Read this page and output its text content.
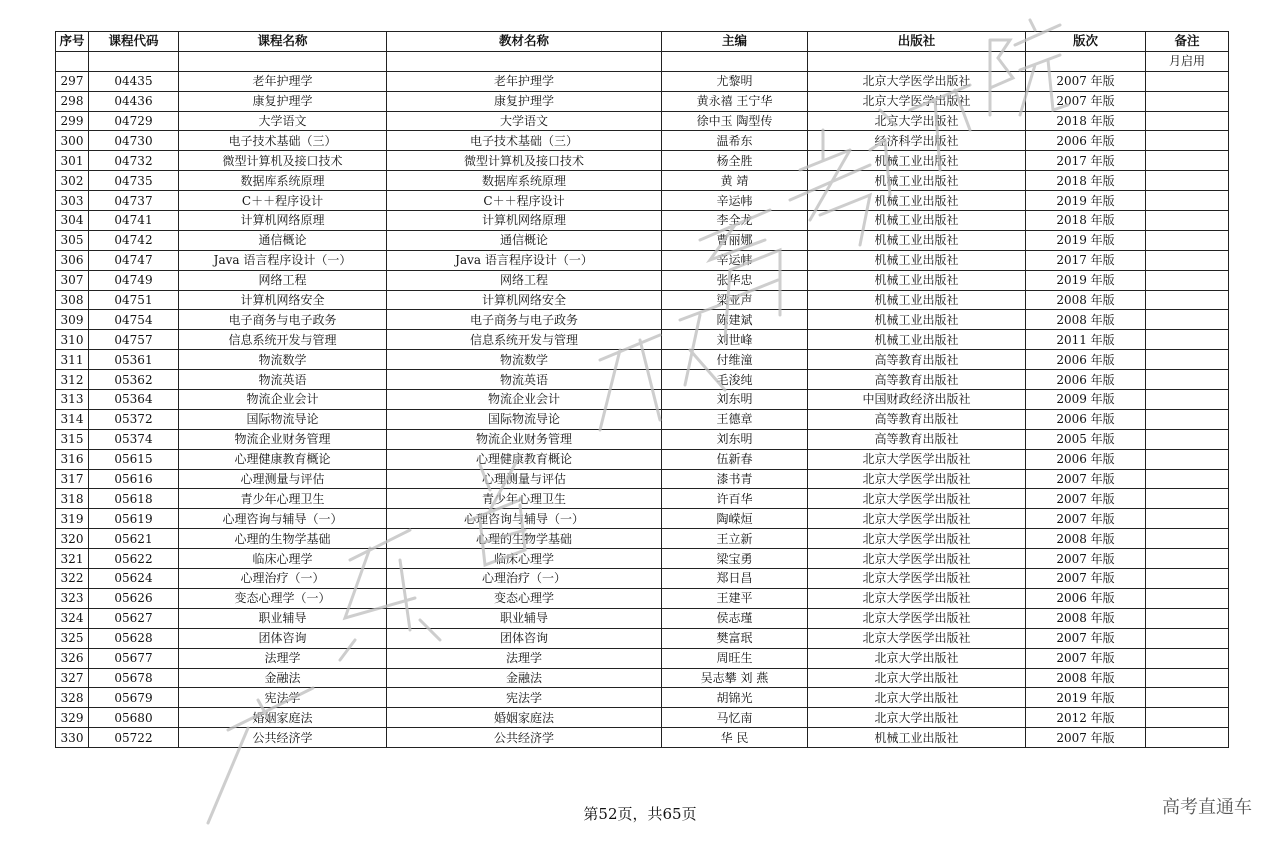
序号	课程代码	课程名称	教材名称	主编	出版社	版次	备注
							月启用
297	04435	老年护理学	老年护理学	尤黎明	北京大学医学出版社	2007 年版	
298	04436	康复护理学	康复护理学	黄永禧 王宁华	北京大学医学出版社	2007 年版	
299	04729	大学语文	大学语文	徐中玉 陶型传	北京大学出版社	2018 年版	
300	04730	电子技术基础（三）	电子技术基础（三）	温希东	经济科学出版社	2006 年版	
301	04732	微型计算机及接口技术	微型计算机及接口技术	杨全胜	机械工业出版社	2017 年版	
302	04735	数据库系统原理	数据库系统原理	黄 靖	机械工业出版社	2018 年版	
303	04737	C＋＋程序设计	C＋＋程序设计	辛运帏	机械工业出版社	2019 年版	
304	04741	计算机网络原理	计算机网络原理	李全龙	机械工业出版社	2018 年版	
305	04742	通信概论	通信概论	曹丽娜	机械工业出版社	2019 年版	
306	04747	Java 语言程序设计（一）	Java 语言程序设计（一）	辛运帏	机械工业出版社	2017 年版	
307	04749	网络工程	网络工程	张华忠	机械工业出版社	2019 年版	
308	04751	计算机网络安全	计算机网络安全	梁亚声	机械工业出版社	2008 年版	
309	04754	电子商务与电子政务	电子商务与电子政务	陈建斌	机械工业出版社	2008 年版	
310	04757	信息系统开发与管理	信息系统开发与管理	刘世峰	机械工业出版社	2011 年版	
311	05361	物流数学	物流数学	付维潼	高等教育出版社	2006 年版	
312	05362	物流英语	物流英语	毛浚纯	高等教育出版社	2006 年版	
313	05364	物流企业会计	物流企业会计	刘东明	中国财政经济出版社	2009 年版	
314	05372	国际物流导论	国际物流导论	王德章	高等教育出版社	2006 年版	
315	05374	物流企业财务管理	物流企业财务管理	刘东明	高等教育出版社	2005 年版	
316	05615	心理健康教育概论	心理健康教育概论	伍新春	北京大学医学出版社	2006 年版	
317	05616	心理测量与评估	心理测量与评估	漆书青	北京大学医学出版社	2007 年版	
318	05618	青少年心理卫生	青少年心理卫生	许百华	北京大学医学出版社	2007 年版	
319	05619	心理咨询与辅导（一）	心理咨询与辅导（一）	陶嵘烜	北京大学医学出版社	2007 年版	
320	05621	心理的生物学基础	心理的生物学基础	王立新	北京大学医学出版社	2008 年版	
321	05622	临床心理学	临床心理学	梁宝勇	北京大学医学出版社	2007 年版	
322	05624	心理治疗（一）	心理治疗（一）	郑日昌	北京大学医学出版社	2007 年版	
323	05626	变态心理学（一）	变态心理学	王建平	北京大学医学出版社	2006 年版	
324	05627	职业辅导	职业辅导	侯志瑾	北京大学医学出版社	2008 年版	
325	05628	团体咨询	团体咨询	樊富珉	北京大学医学出版社	2007 年版	
326	05677	法理学	法理学	周旺生	北京大学出版社	2007 年版	
327	05678	金融法	金融法	吴志攀 刘 燕	北京大学出版社	2008 年版	
328	05679	宪法学	宪法学	胡锦光	北京大学出版社	2019 年版	
329	05680	婚姻家庭法	婚姻家庭法	马忆南	北京大学出版社	2012 年版	
330	05722	公共经济学	公共经济学	华 民	机械工业出版社	2007 年版	
第52页，共65页	高考直通车
